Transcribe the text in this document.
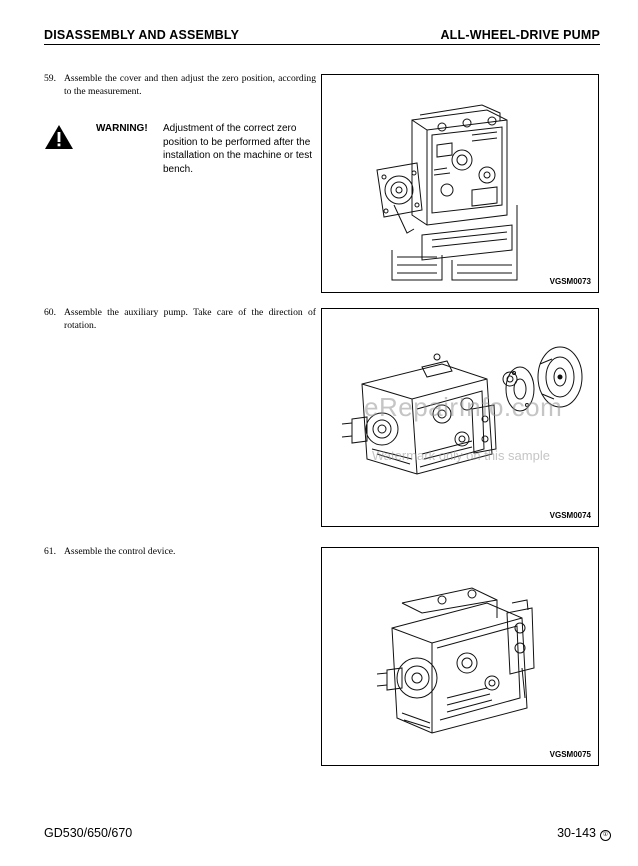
DISASSEMBLY AND ASSEMBLY	ALL-WHEEL-DRIVE PUMP
59. Assemble the cover and then adjust the zero position, according to the measurement.
WARNING! Adjustment of the correct zero position to be performed after the installation on the machine or test bench.
VGSM0073
60. Assemble the auxiliary pump. Take care of the direction of rotation.
VGSM0074
61. Assemble the control device.
VGSM0075
eRepairInfo.com
Watermark only on this sample
GD530/650/670	30-143 ①
